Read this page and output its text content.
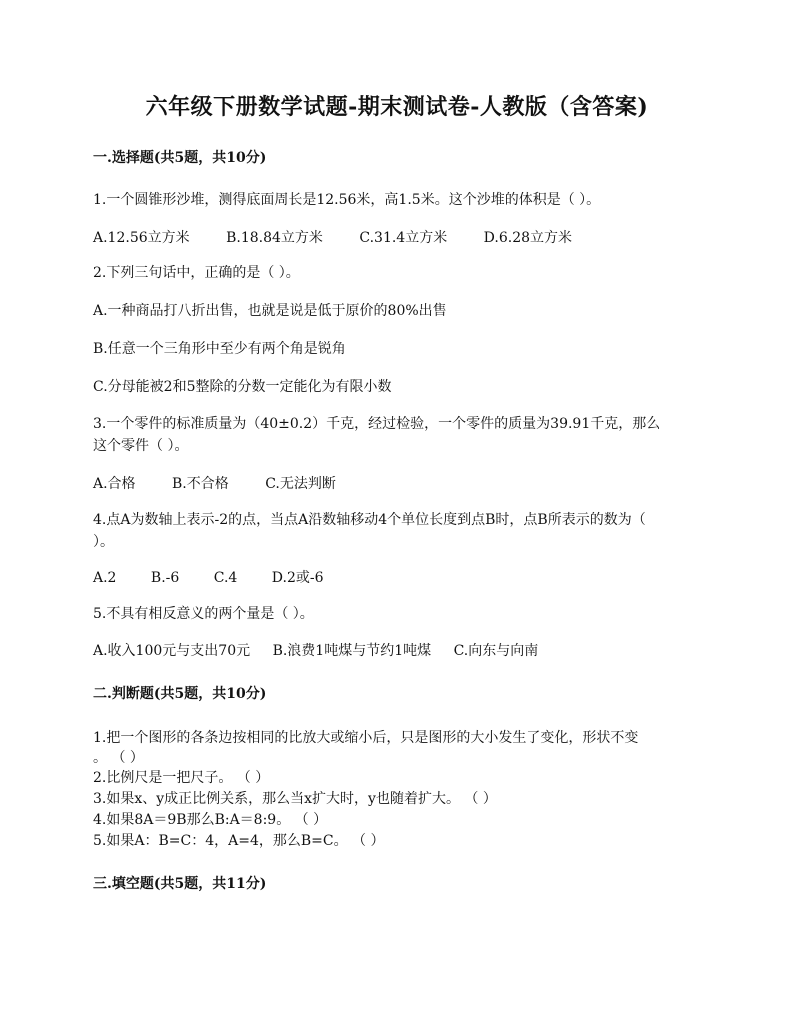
六年级下册数学试题-期末测试卷-人教版（含答案)
一.选择题(共5题，共10分)
1.一个圆锥形沙堆，测得底面周长是12.56米，高1.5米。这个沙堆的体积是（ ）。
A.12.56立方米	B.18.84立方米	C.31.4立方米	D.6.28立方米
2.下列三句话中，正确的是（ ）。
A.一种商品打八折出售，也就是说是低于原价的80%出售
B.任意一个三角形中至少有两个角是锐角
C.分母能被2和5整除的分数一定能化为有限小数
3.一个零件的标准质量为（40±0.2）千克，经过检验，一个零件的质量为39.91千克，那么
这个零件（ ）。
A.合格	B.不合格	C.无法判断
4.点A为数轴上表示-2的点，当点A沿数轴移动4个单位长度到点B时，点B所表示的数为（
）。
A.2 B.-6 C.4 D.2或-6
5.不具有相反意义的两个量是（ ）。
A.收入100元与支出70元 B.浪费1吨煤与节约1吨煤 C.向东与向南
二.判断题(共5题，共10分)
1.把一个图形的各条边按相同的比放大或缩小后，只是图形的大小发生了变化，形状不变
。 （ ）
2.比例尺是一把尺子。 （ ）
3.如果x、y成正比例关系，那么当x扩大时，y也随着扩大。 （ ）
4.如果8A＝9B那么B:A＝8:9。 （ ）
5.如果A：B=C：4，A=4，那么B=C。 （ ）
三.填空题(共5题，共11分)
